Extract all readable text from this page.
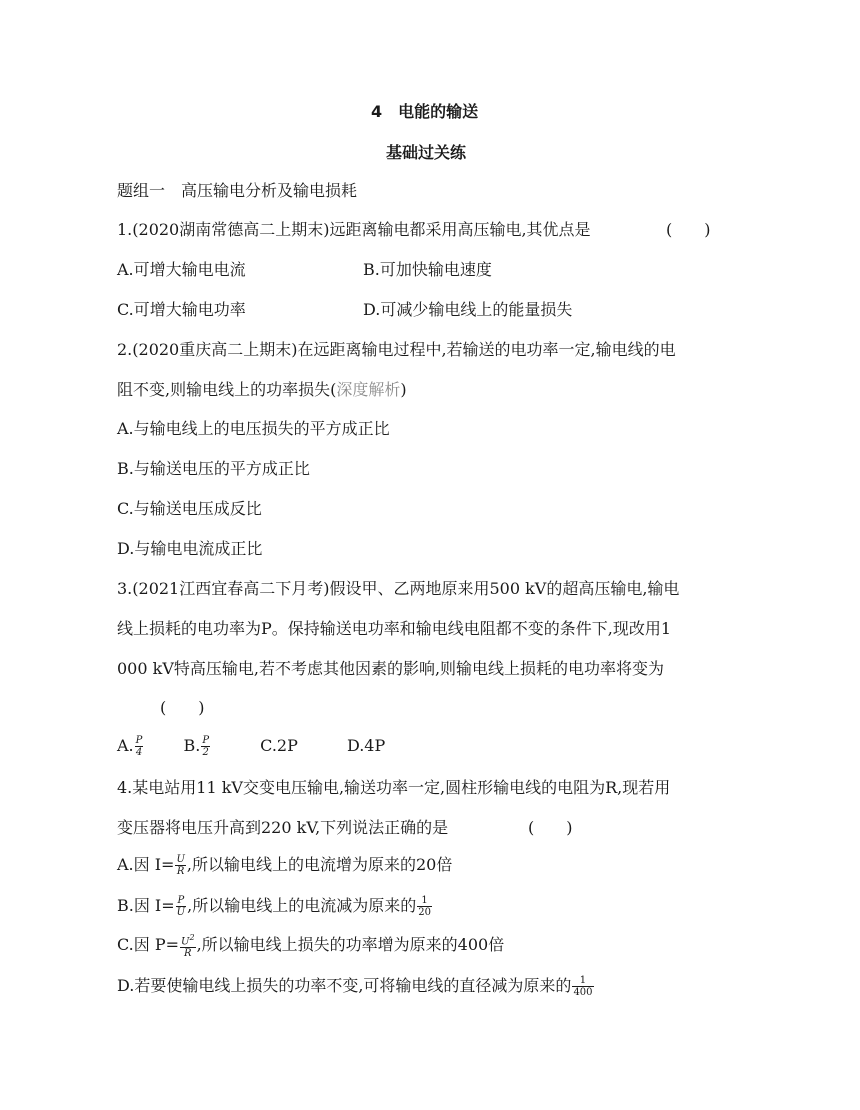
4　电能的输送
基础过关练
题组一　高压输电分析及输电损耗
1.(2020湖南常德高二上期末)远距离输电都采用高压输电,其优点是	(　　)
A.可增大输电电流	B.可加快输电速度
C.可增大输电功率	D.可减少输电线上的能量损失
2.(2020重庆高二上期末)在远距离输电过程中,若输送的电功率一定,输电线的电
阻不变,则输电线上的功率损失(深度解析)
A.与输电线上的电压损失的平方成正比
B.与输送电压的平方成正比
C.与输送电压成反比
D.与输电电流成正比
3.(2021江西宜春高二下月考)假设甲、乙两地原来用500 kV的超高压输电,输电
线上损耗的电功率为P。保持输送电功率和输电线电阻都不变的条件下,现改用1
000 kV特高压输电,若不考虑其他因素的影响,则输电线上损耗的电功率将变为
(　　)
A. $\frac{P}{4}$	B. $\frac{P}{2}$	C.2P	D.4P
4.某电站用11 kV交变电压输电,输送功率一定,圆柱形输电线的电阻为R,现若用
变压器将电压升高到220 kV,下列说法正确的是	(　　)
A.因 $I= \frac{U}{R}$ ,所以输电线上的电流增为原来的20倍
B.因 $I= \frac{P}{U}$ ,所以输电线上的电流减为原来的 $\frac{1}{20}$
C.因 $P= \frac{U^2}{R}$ ,所以输电线上损失的功率增为原来的400倍
D.若要使输电线上损失的功率不变,可将输电线的直径减为原来的 $\frac{1}{400}$
